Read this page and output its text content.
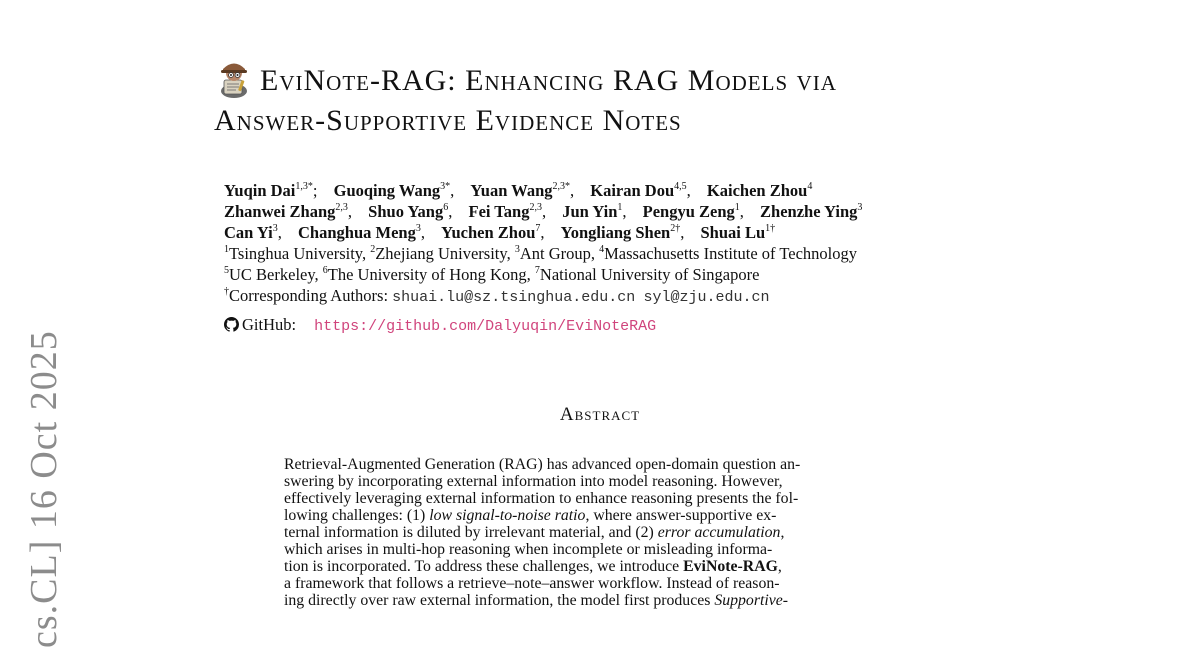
cs.CL] 16 Oct 2025
EviNote-RAG: Enhancing RAG Models via
Answer-Supportive Evidence Notes
Yuqin Dai$^{1,3*}$; Guoqing Wang$^{3*}$, Yuan Wang$^{2,3*}$, Kairan Dou$^{4,5}$, Kaichen Zhou$^4$
Zhanwei Zhang$^{2,3}$, Shuo Yang$^6$, Fei Tang$^{2,3}$, Jun Yin$^1$, Pengyu Zeng$^1$, Zhenzhe Ying$^3$
Can Yi$^3$, Changhua Meng$^3$, Yuchen Zhou$^7$, Yongliang Shen$^{2\dagger}$, Shuai $Lu^{1\dagger}$
$^1$Tsinghua University, $^2$Zhejiang University, $^3$Ant Group, $^4$Massachusetts Institute of Technology
$^5$UC Berkeley, $^6$The University of Hong Kong, $^7$National University of Singapore
†Corresponding Authors: shuai.lu@sz.tsinghua.edu.cn syl@zju.edu.cn
GitHub: https://github.com/Dalyuqin/EviNoteRAG
Abstract
Retrieval-Augmented Generation (RAG) has advanced open-domain question an-
swering by incorporating external information into model reasoning. However,
effectively leveraging external information to enhance reasoning presents the fol-
lowing challenges: (1) low signal-to-noise ratio, where answer-supportive ex-
ternal information is diluted by irrelevant material, and (2) error accumulation,
which arises in multi-hop reasoning when incomplete or misleading informa-
tion is incorporated. To address these challenges, we introduce EviNote-RAG,
a framework that follows a retrieve–note–answer workflow. Instead of reason-
ing directly over raw external information, the model first produces Supportive-
